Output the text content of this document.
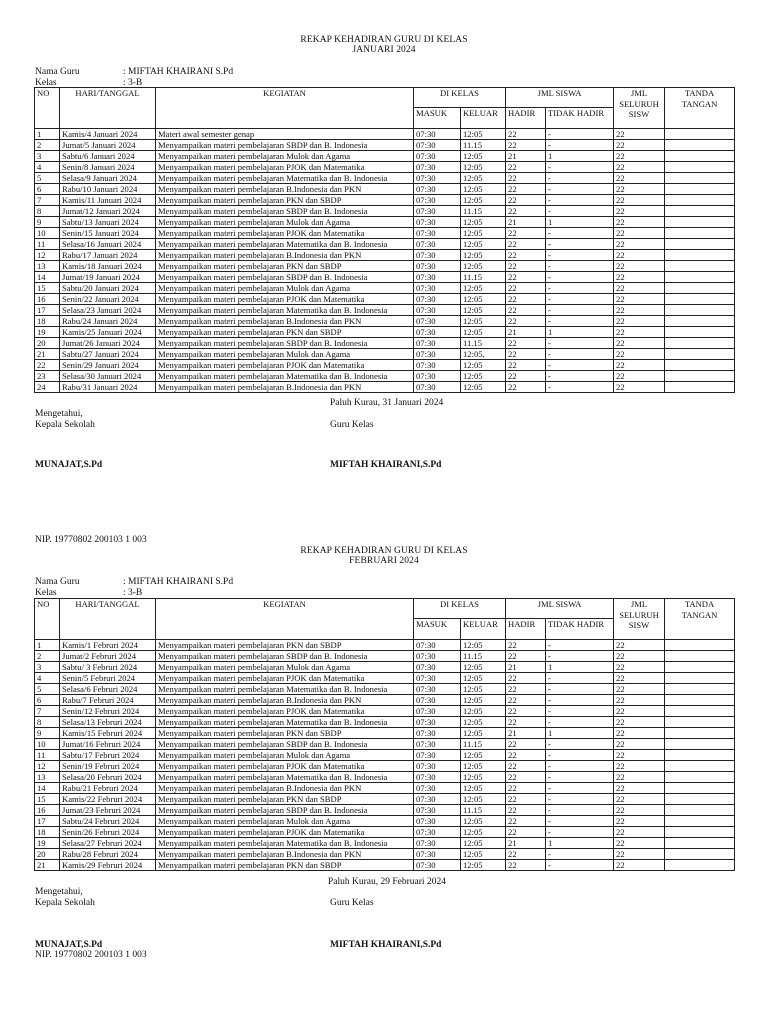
REKAP KEHADIRAN GURU DI KELAS
JANUARI 2024
Nama Guru	: MIFTAH KHAIRANI S.Pd
Kelas	: 3-B
NO	HARI/TANGGAL	KEGIATAN	DI KELAS		JML SISWA		JML SELURUH SISW	TANDA TANGAN
			MASUK	KELUAR	HADIR	TIDAK HADIR		
1	Kamis/4 Januari 2024	Materi awal semester genap	07:30	12:05	22	-	22	
2	Jumat/5 Januari 2024	Menyampaikan materi pembelajaran SBDP dan B. Indonesia	07:30	11.15	22	-	22	
3	Sabtu/6 Januari 2024	Menyampaikan materi pembelajaran Mulok dan Agama	07:30	12:05	21	1	22	
4	Senin/8 Januari 2024	Menyampaikan materi pembelajaran PJOK dan Matematika	07:30	12:05	22	-	22	
5	Selasa/9 Januari 2024	Menyampaikan materi pembelajaran Matematika dan B. Indonesia	07:30	12:05	22	-	22	
6	Rabu/10 Januari 2024	Menyampaikan materi pembelajaran B.Indonesia dan PKN	07:30	12:05	22	-	22	
7	Kamis/11 Januari 2024	Menyampaikan materi pembelajaran PKN dan SBDP	07:30	12:05	22	-	22	
8	Jumat/12 Januari 2024	Menyampaikan materi pembelajaran SBDP dan B. Indonesia	07:30	11.15	22	-	22	
9	Sabtu/13 Januari 2024	Menyampaikan materi pembelajaran Mulok dan Agama	07:30	12:05	21	1	22	
10	Senin/15 Januari 2024	Menyampaikan materi pembelajaran PJOK dan Matematika	07:30	12:05	22	-	22	
11	Selasa/16 Januari 2024	Menyampaikan materi pembelajaran Matematika dan B. Indonesia	07:30	12:05	22	-	22	
12	Rabu/17 Januari 2024	Menyampaikan materi pembelajaran B.Indonesia dan PKN	07:30	12:05	22	-	22	
13	Kamis/18 Januari 2024	Menyampaikan materi pembelajaran PKN dan SBDP	07:30	12:05	22	-	22	
14	Jumat/19 Januari 2024	Menyampaikan materi pembelajaran SBDP dan B. Indonesia	07:30	11.15	22	-	22	
15	Sabtu/20 Januari 2024	Menyampaikan materi pembelajaran Mulok dan Agama	07:30	12:05	22	-	22	
16	Senin/22 Januari 2024	Menyampaikan materi pembelajaran PJOK dan Matematika	07:30	12:05	22	-	22	
17	Selasa/23 Januari 2024	Menyampaikan materi pembelajaran Matematika dan B. Indonesia	07:30	12:05	22	-	22	
18	Rabu/24 Januari 2024	Menyampaikan materi pembelajaran B.Indonesia dan PKN	07:30	12:05	22	-	22	
19	Kamis/25 Januari 2024	Menyampaikan materi pembelajaran PKN dan SBDP	07:30	12:05	21	1	22	
20	Jumat/26 Januari 2024	Menyampaikan materi pembelajaran SBDP dan B. Indonesia	07:30	11.15	22	-	22	
21	Sabtu/27 Januari 2024	Menyampaikan materi pembelajaran Mulok dan Agama	07:30	12:05,	22	-	22	
22	Senin/29 Januari 2024	Menyampaikan materi pembelajaran PJOK dan Matematika	07:30	12:05	22	-	22	
23	Selasa/30 Januari 2024	Menyampaikan materi pembelajaran Matematika dan B. Indonesia	07:30	12:05	22	-	22	
24	Rabu/31 Januari 2024	Menyampaikan materi pembelajaran B.Indonesia dan PKN	07:30	12:05	22	-	22	
Paluh Kurau, 31 Januari 2024
Mengetahui,
Kepala Sekolah	Guru Kelas
MUNAJAT,S.Pd	MIFTAH KHAIRANI,S.Pd
NIP. 19770802 200103 1 003
REKAP KEHADIRAN GURU DI KELAS
FEBRUARI 2024
Nama Guru	: MIFTAH KHAIRANI S.Pd
Kelas	: 3-B
NO	HARI/TANGGAL	KEGIATAN	DI KELAS		JML SISWA		JML SELURUH SISW	TANDA TANGAN
			MASUK	KELUAR	HADIR	TIDAK HADIR		
1	Kamis/1 Februri 2024	Menyampaikan materi pembelajaran PKN dan SBDP	07:30	12:05	22	-	22	
2	Jumat/2 Februri 2024	Menyampaikan materi pembelajaran SBDP dan B. Indonesia	07:30	11.15	22	-	22	
3	Sabtu/ 3 Februri 2024	Menyampaikan materi pembelajaran Mulok dan Agama	07:30	12:05	21	1	22	
4	Senin/5 Februri 2024	Menyampaikan materi pembelajaran PJOK dan Matematika	07:30	12:05	22	-	22	
5	Selasa/6 Februri 2024	Menyampaikan materi pembelajaran Matematika dan B. Indonesia	07:30	12:05	22	-	22	
6	Rabu/7 Februri 2024	Menyampaikan materi pembelajaran B.Indonesia dan PKN	07:30	12:05	22	-	22	
7	Senin/12 Februri 2024	Menyampaikan materi pembelajaran PJOK dan Matematika	07:30	12:05	22	-	22	
8	Selasa/13 Februri 2024	Menyampaikan materi pembelajaran Matematika dan B. Indonesia	07:30	12:05	22	-	22	
9	Kamis/15 Februri 2024	Menyampaikan materi pembelajaran PKN dan SBDP	07:30	12:05	21	1	22	
10	Jumat/16 Februri 2024	Menyampaikan materi pembelajaran SBDP dan B. Indonesia	07:30	11.15	22	-	22	
11	Sabtu/17 Februri 2024	Menyampaikan materi pembelajaran Mulok dan Agama	07:30	12:05	22	-	22	
12	Senin/19 Februri 2024	Menyampaikan materi pembelajaran PJOK dan Matematika	07:30	12:05	22	-	22	
13	Selasa/20 Februri 2024	Menyampaikan materi pembelajaran Matematika dan B. Indonesia	07:30	12:05	22	-	22	
14	Rabu/21 Februri 2024	Menyampaikan materi pembelajaran B.Indonesia dan PKN	07:30	12:05	22	-	22	
15	Kamis/22 Februri 2024	Menyampaikan materi pembelajaran PKN dan SBDP	07:30	12:05	22	-	22	
16	Jumat/23 Februri 2024	Menyampaikan materi pembelajaran SBDP dan B. Indonesia	07:30	11.15	22	-	22	
17	Sabtu/24 Februri 2024	Menyampaikan materi pembelajaran Mulok dan Agama	07:30	12:05	22	-	22	
18	Senin/26 Februri 2024	Menyampaikan materi pembelajaran PJOK dan Matematika	07:30	12:05	22	-	22	
19	Selasa/27 Februri 2024	Menyampaikan materi pembelajaran Matematika dan B. Indonesia	07:30	12:05	21	1	22	
20	Rabu/28 Februri 2024	Menyampaikan materi pembelajaran B.Indonesia dan PKN	07:30	12:05	22	-	22	
21	Kamis/29 Februri 2024	Menyampaikan materi pembelajaran PKN dan SBDP	07:30	12:05	22	-	22	
Paluh Kurau, 29 Februari 2024
Mengetahui,
Kepala Sekolah	Guru Kelas
MUNAJAT,S.Pd	MIFTAH KHAIRANI,S.Pd
NIP. 19770802 200103 1 003
